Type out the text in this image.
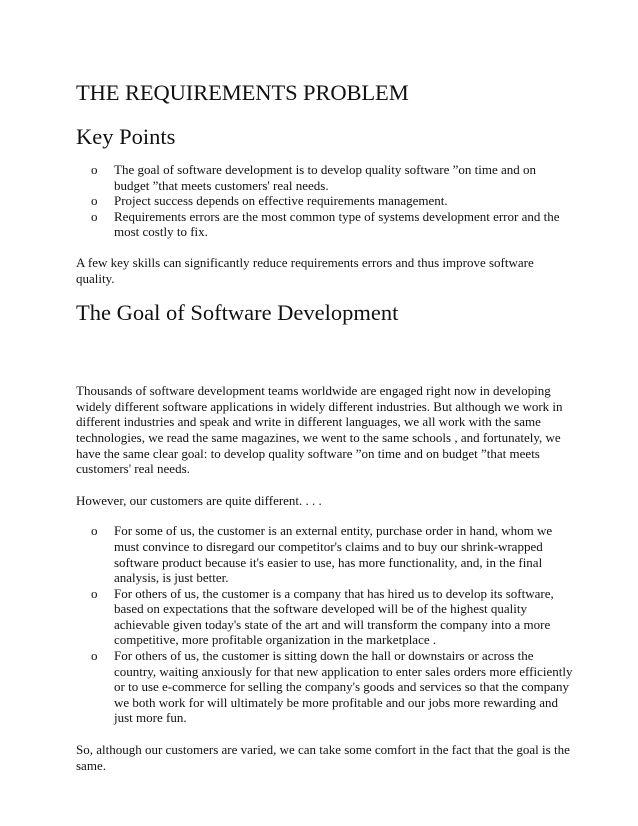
THE REQUIREMENTS PROBLEM
Key Points
o The goal of software development is to develop quality software ”on time and on budget ”that meets customers' real needs.
o Project success depends on effective requirements management.
o Requirements errors are the most common type of systems development error and the most costly to fix.

A few key skills can significantly reduce requirements errors and thus improve software quality.

The Goal of Software Development

Thousands of software development teams worldwide are engaged right now in developing widely different software applications in widely different industries. But although we work in different industries and speak and write in different languages, we all work with the same technologies, we read the same magazines, we went to the same schools , and fortunately, we have the same clear goal: to develop quality software ”on time and on budget ”that meets customers' real needs.

However, our customers are quite different. . . .

o For some of us, the customer is an external entity, purchase order in hand, whom we must convince to disregard our competitor's claims and to buy our shrink-wrapped software product because it's easier to use, has more functionality, and, in the final analysis, is just better.
o For others of us, the customer is a company that has hired us to develop its software, based on expectations that the software developed will be of the highest quality achievable given today's state of the art and will transform the company into a more competitive, more profitable organization in the marketplace .
o For others of us, the customer is sitting down the hall or downstairs or across the country, waiting anxiously for that new application to enter sales orders more efficiently or to use e-commerce for selling the company's goods and services so that the company we both work for will ultimately be more profitable and our jobs more rewarding and just more fun.

So, although our customers are varied, we can take some comfort in the fact that the goal is the same.
